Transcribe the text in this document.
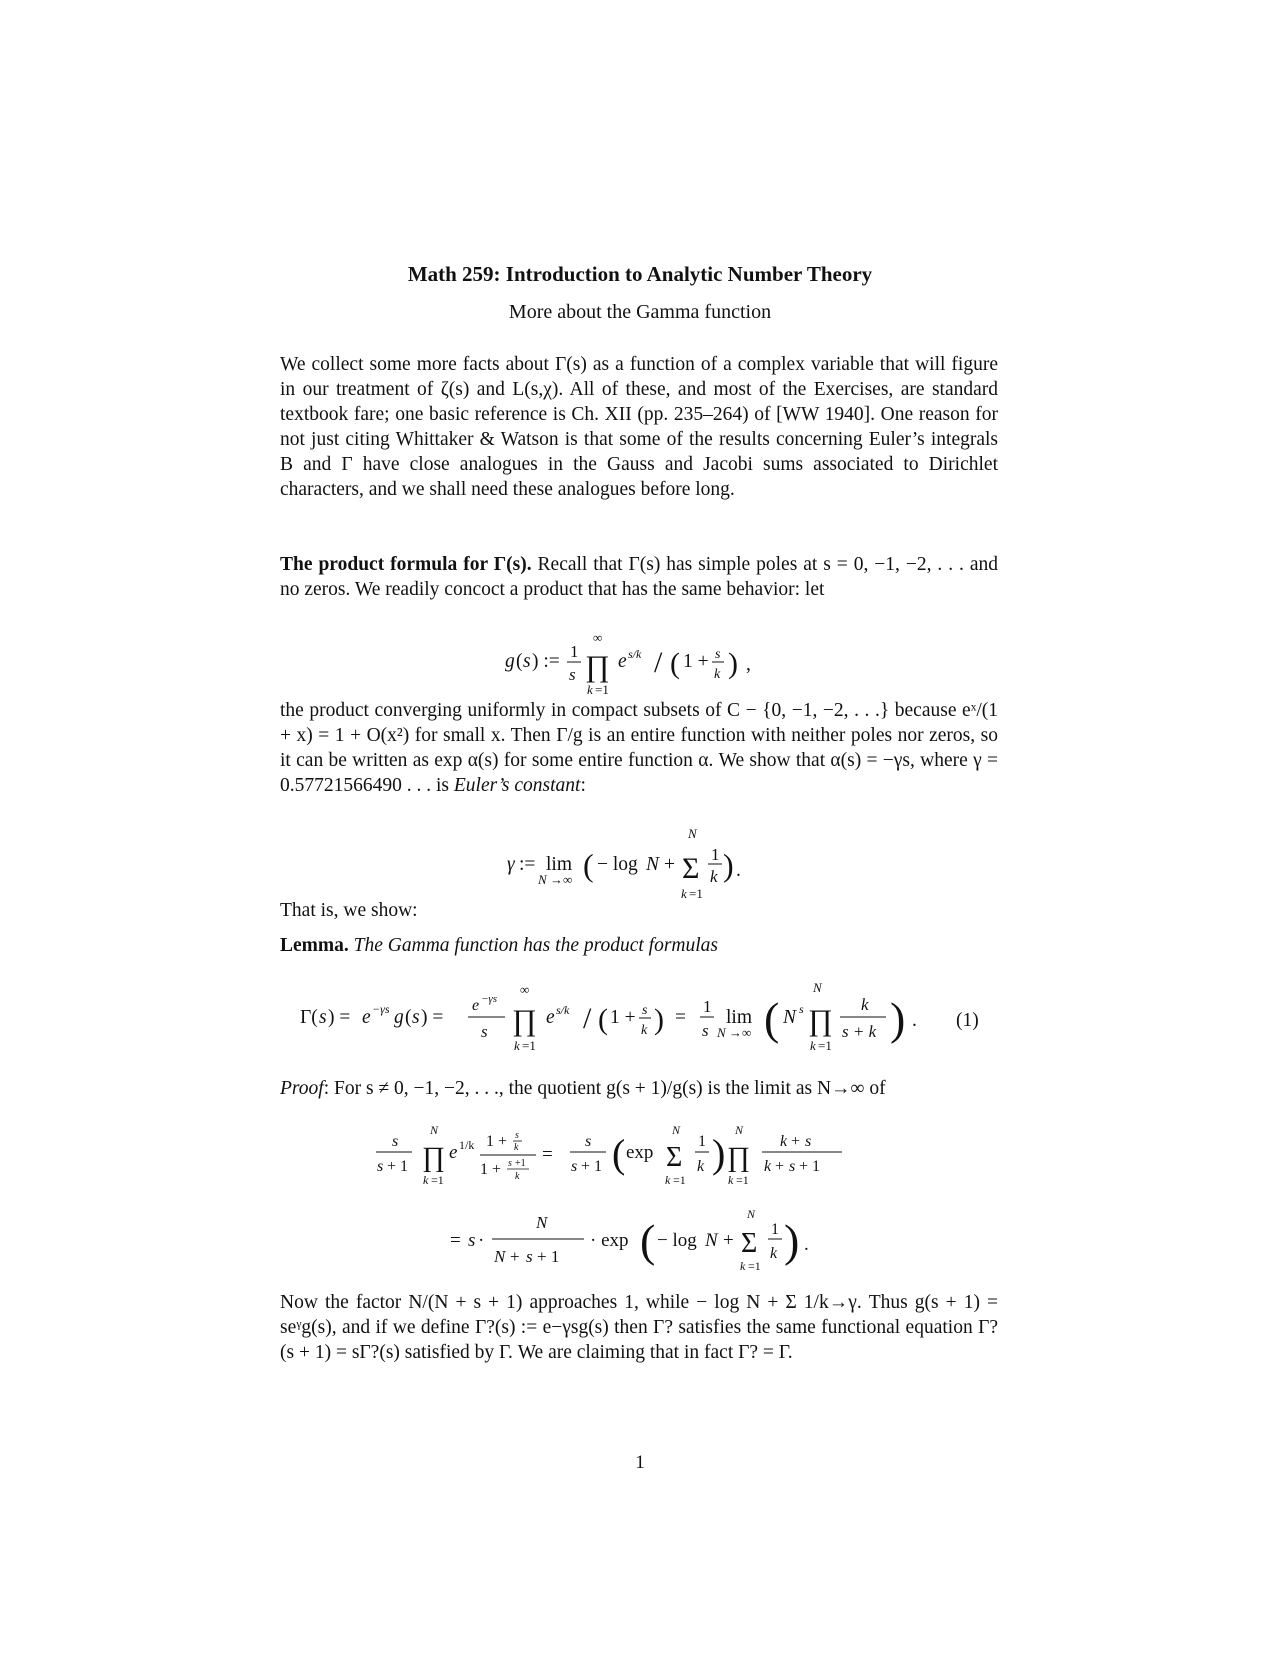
Math 259: Introduction to Analytic Number Theory
More about the Gamma function
We collect some more facts about Γ(s) as a function of a complex variable that will figure in our treatment of ζ(s) and L(s,χ). All of these, and most of the Exercises, are standard textbook fare; one basic reference is Ch. XII (pp. 235–264) of [WW 1940]. One reason for not just citing Whittaker & Watson is that some of the results concerning Euler’s integrals B and Γ have close analogues in the Gauss and Jacobi sums associated to Dirichlet characters, and we shall need these analogues before long.
The product formula for Γ(s). Recall that Γ(s) has simple poles at s = 0, −1, −2, . . . and no zeros. We readily concoct a product that has the same behavior: let
g ( s ) := 1
s
∞
∏
k =1
e s/k / ( 1 + s
k ) ,
the product converging uniformly in compact subsets of C − {0, −1, −2, . . .} because eˣ/(1 + x) = 1 + O(x²) for small x. Then Γ/g is an entire function with neither poles nor zeros, so it can be written as exp α(s) for some entire function α. We show that α(s) = −γs, where γ = 0.57721566490 . . . is Euler’s constant:
γ := lim
N →∞ ( − log N +
N
Σ
k =1
1
k ) .
That is, we show:
Lemma. The Gamma function has the product formulas
Γ( s ) = e −γs g ( s ) =
e −γs
s
∞
∏
k =1
e s/k / ( 1 + s
k ) =
1
s
lim
N →∞ ( N s
N
∏
k =1
k
s + k ) . (1)
Proof: For s ≠ 0, −1, −2, . . ., the quotient g(s + 1)/g(s) is the limit as N→∞ of
s
s + 1
N
∏
k =1
e 1/k 1 + s
k
1 + s +1
k
=
s
s + 1 ( exp
N
Σ
k =1
1
k )
N
∏
k =1
k + s
k + s + 1
= s ·
N
N + s + 1
· exp ( − log N +
N
Σ
k =1
1
k ) .
Now the factor N/(N + s + 1) approaches 1, while − log N + Σ 1/k→γ. Thus g(s + 1) = seᵞg(s), and if we define Γ?(s) := e−γsg(s) then Γ? satisfies the same functional equation Γ?(s + 1) = sΓ?(s) satisfied by Γ. We are claiming that in fact Γ? = Γ.
1
